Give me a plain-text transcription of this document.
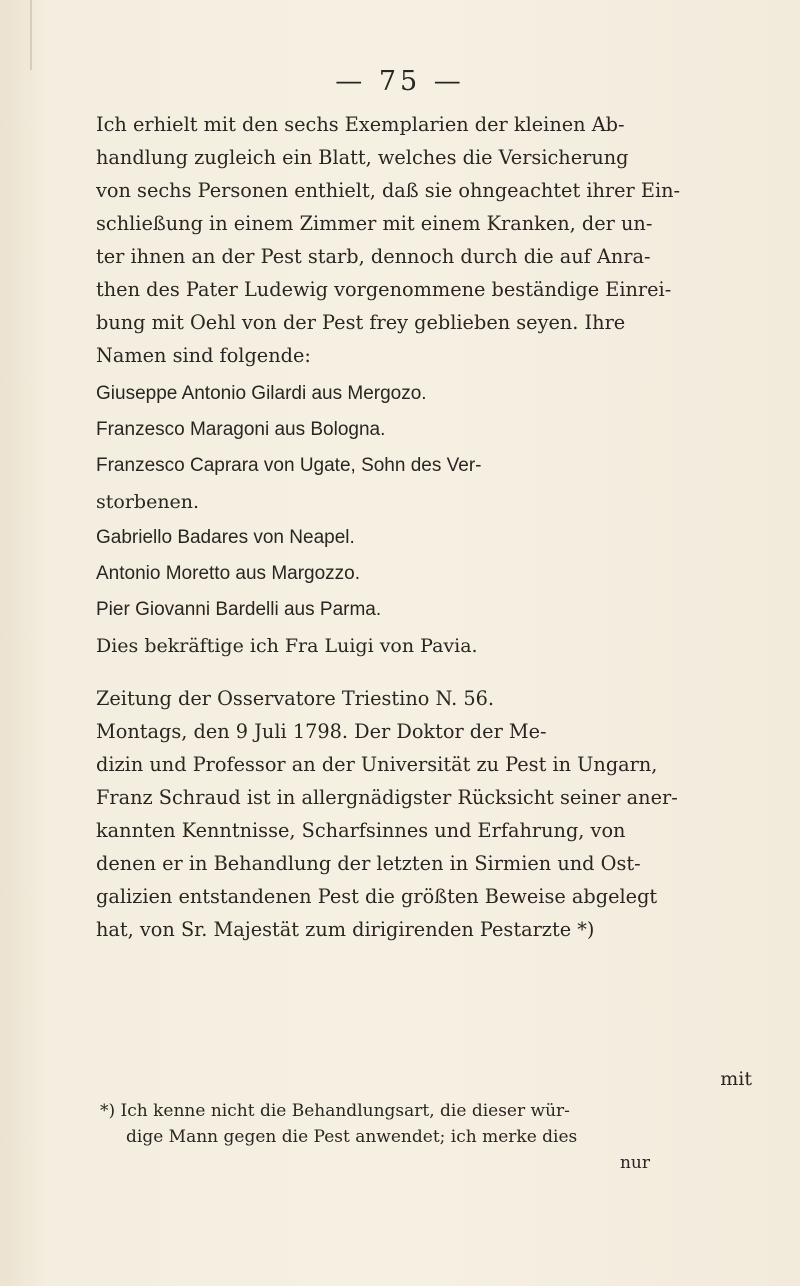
— 75 —

Ich erhielt mit den sechs Exemplarien der kleinen Ab-
handlung zugleich ein Blatt, welches die Versicherung
von sechs Personen enthielt, daß sie ohngeachtet ihrer Ein-
schließung in einem Zimmer mit einem Kranken, der un-
ter ihnen an der Pest starb, dennoch durch die auf Anra-
then des Pater Ludewig vorgenommene beständige Einrei-
bung mit Oehl von der Pest frey geblieben seyen. Ihre
Namen sind folgende:

Giuseppe Antonio Gilardi aus Mergozo.
Franzesco Maragoni aus Bologna.
Franzesco Caprara von Ugate, Sohn des Ver-
storbenen.
Gabriello Badares von Neapel.
Antonio Moretto aus Margozzo.
Pier Giovanni Bardelli aus Parma.

Dies bekräftige ich Fra Luigi von Pavia.

Zeitung der Osservatore Triestino N. 56.
Montags, den 9 Juli 1798. Der Doktor der Me-
dizin und Professor an der Universität zu Pest in Ungarn,
Franz Schraud ist in allergnädigster Rücksicht seiner aner-
kannten Kenntnisse, Scharfsinnes und Erfahrung, von
denen er in Behandlung der letzten in Sirmien und Ost-
galizien entstandenen Pest die größten Beweise abgelegt
hat, von Sr. Majestät zum dirigirenden Pestarzte *)

mit
*) Ich kenne nicht die Behandlungsart, die dieser wür-
dige Mann gegen die Pest anwendet; ich merke dies
nur
